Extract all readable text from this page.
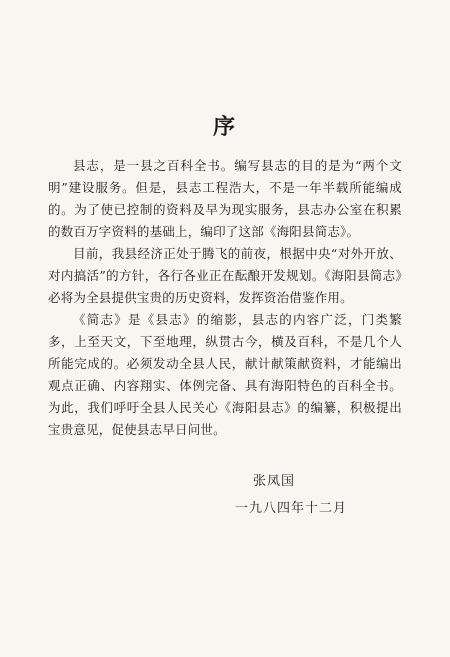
序

县志，是一县之百科全书。编写县志的目的是为“两个文明”建设服务。但是，县志工程浩大，不是一年半载所能编成的。为了使已控制的资料及早为现实服务，县志办公室在积累的数百万字资料的基础上，编印了这部《海阳县简志》。

目前，我县经济正处于腾飞的前夜，根据中央“对外开放、对内搞活”的方针，各行各业正在酝酿开发规划。《海阳县简志》必将为全县提供宝贵的历史资料，发挥资治借鉴作用。

《简志》是《县志》的缩影，县志的内容广泛，门类繁多，上至天文，下至地理，纵贯古今，横及百科，不是几个人所能完成的。必须发动全县人民，献计献策献资料，才能编出观点正确、内容翔实、体例完备、具有海阳特色的百科全书。为此，我们呼吁全县人民关心《海阳县志》的编纂，积极提出宝贵意见，促使县志早日问世。

张凤国
一九八四年十二月
